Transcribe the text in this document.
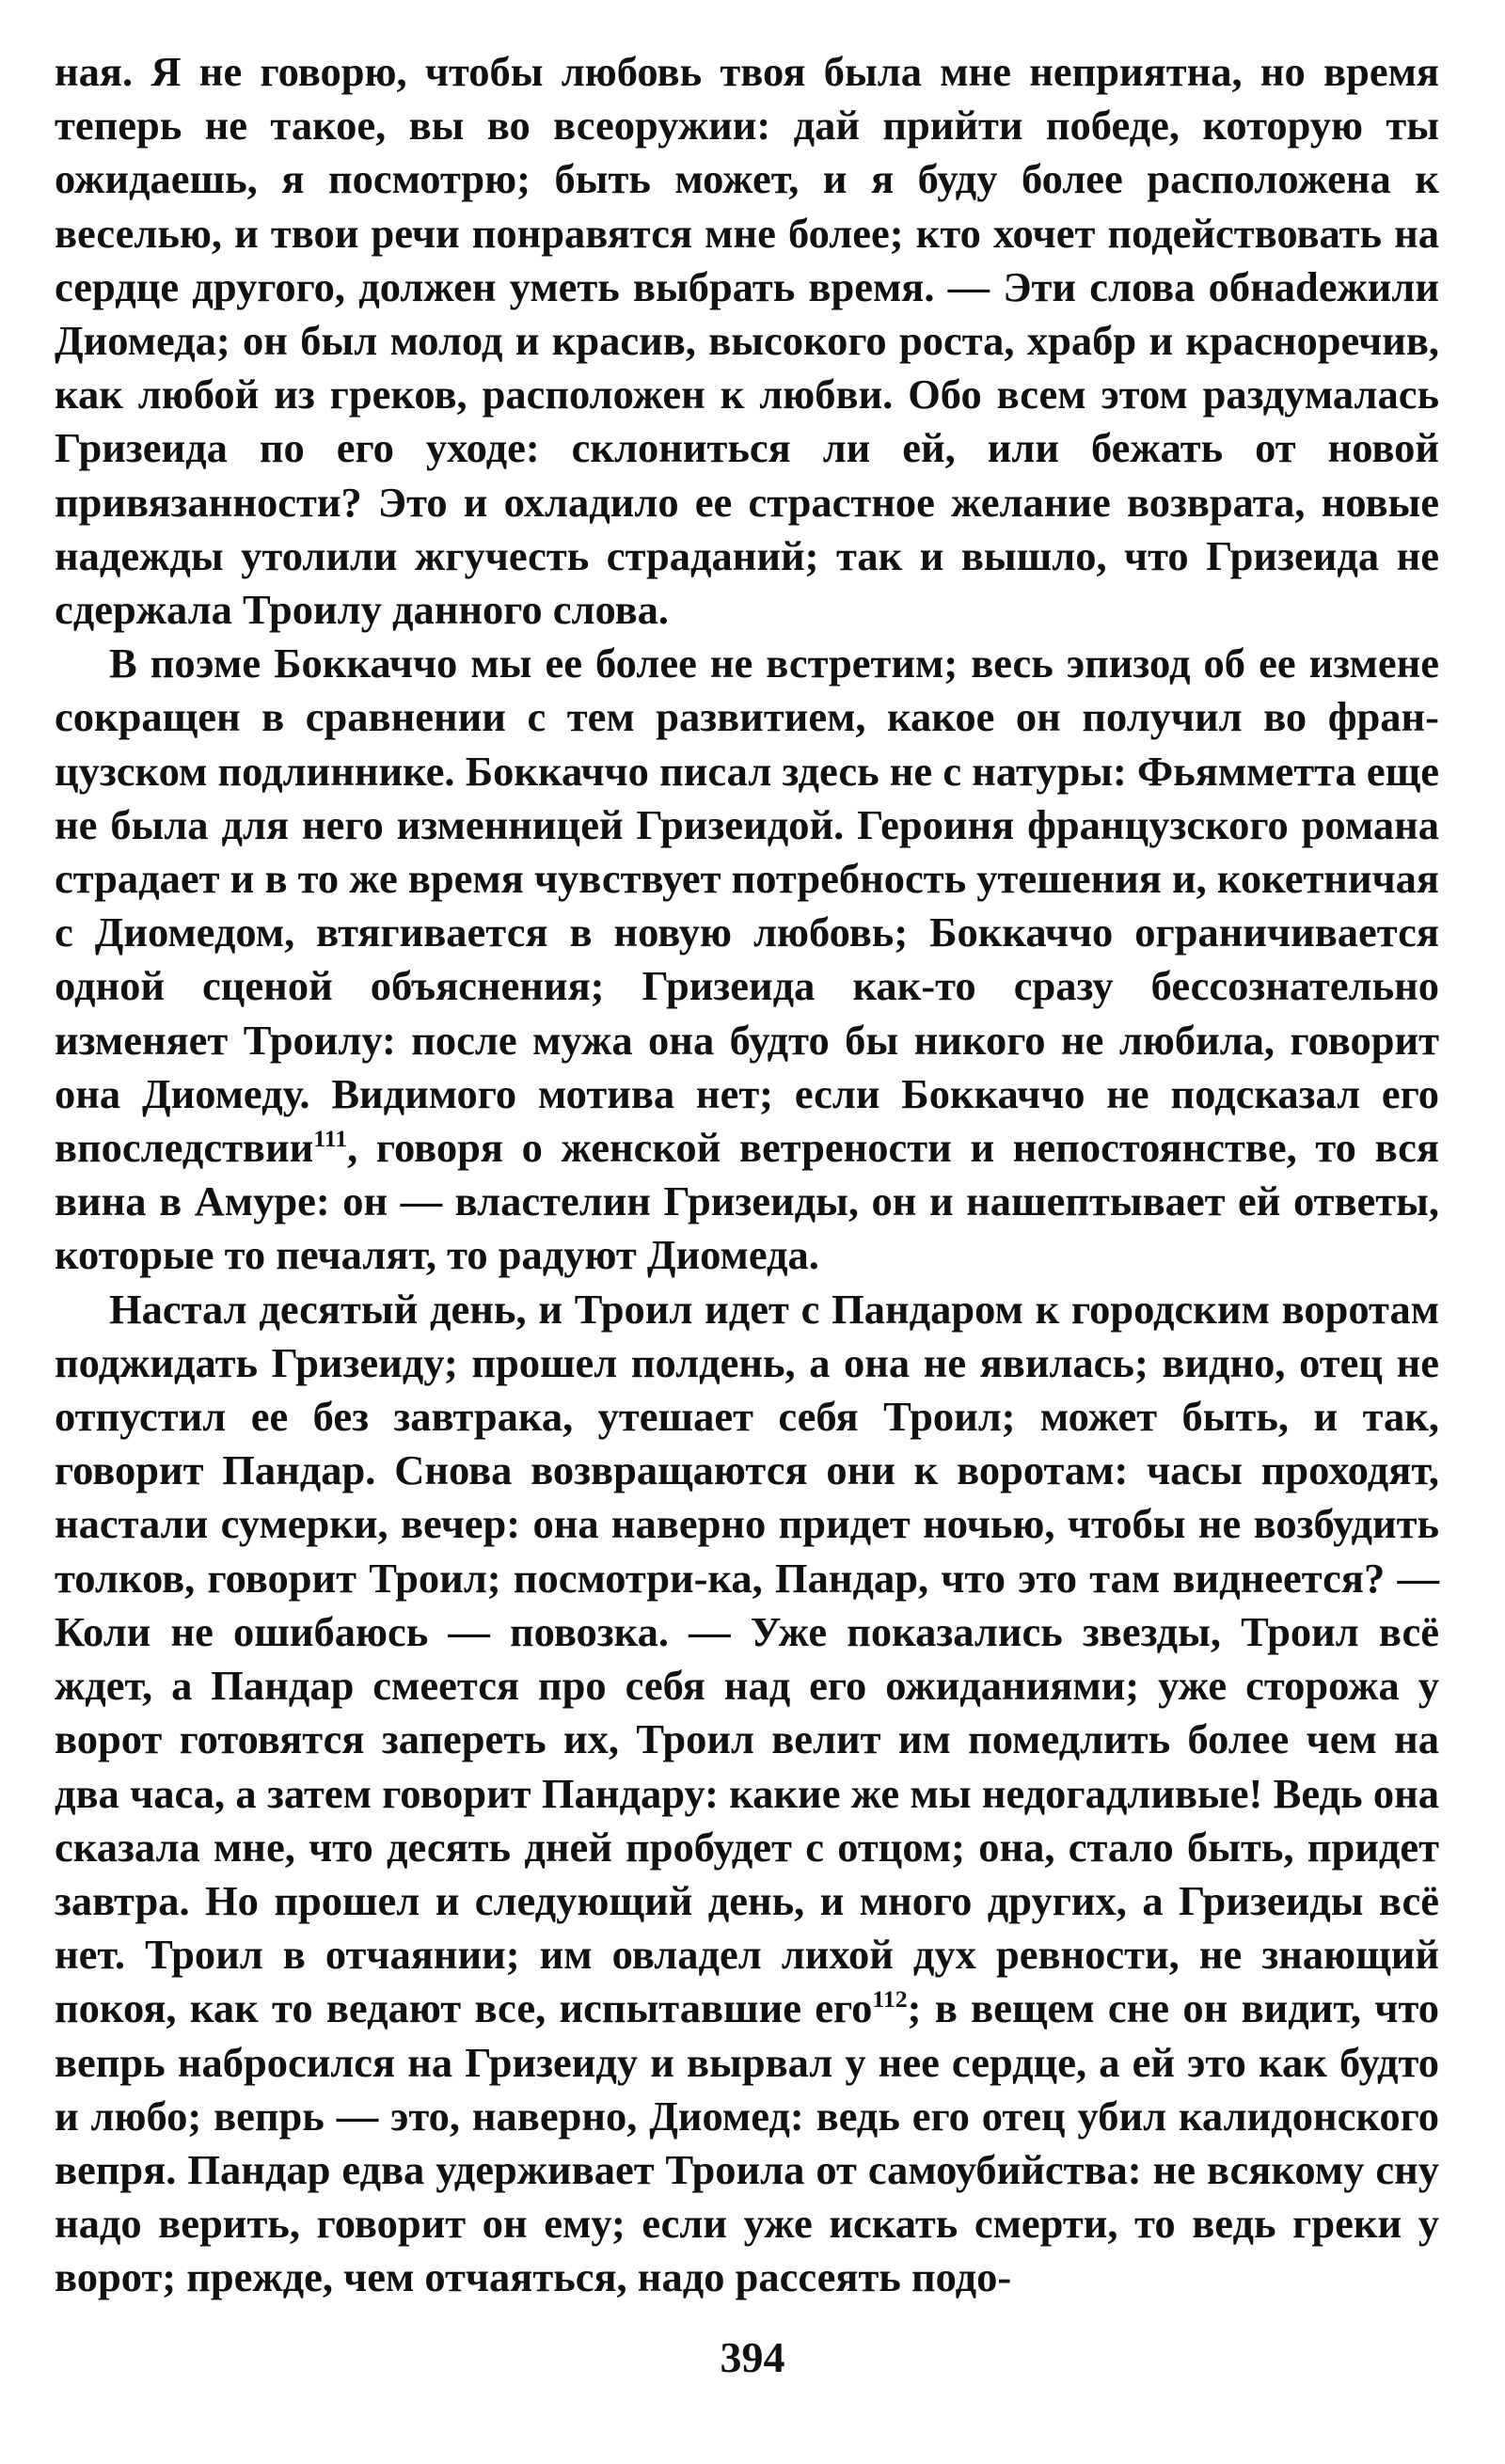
ная. Я не говорю, чтобы любовь твоя была мне неприятна, но время теперь не такое, вы во всеоружии: дай прийти победе, которую ты ожидаешь, я посмотрю; быть может, и я буду более расположена к веселью, и твои речи понравятся мне более; кто хочет подействовать на сердце другого, должен уметь выбрать время. — Эти слова обнаdежили Диомеда; он был молод и красив, высокого роста, храбр и красноречив, как любой из греков, расположен к любви. Обо всем этом раздумалась Гризеида по его уходе: склониться ли ей, или бежать от новой привязанности? Это и охладило ее страстное желание возврата, новые надежды утолили жгучесть страданий; так и вышло, что Гризеида не сдержала Троилу данного слова.

В поэме Боккаччо мы ее более не встретим; весь эпизод об ее измене сокращен в сравнении с тем развитием, какое он получил во французском подлиннике. Боккаччо писал здесь не с натуры: Фьямметта еще не была для него изменницей Гризеидой. Героиня французского романа страдает и в то же время чувствует потребность утешения и, кокетничая с Диомедом, втягивается в новую любовь; Боккаччо ограничивается одной сценой объяснения; Гризеида как-то сразу бессознательно изменяет Троилу: после мужа она будто бы никого не любила, говорит она Диомеду. Видимого мотива нет; если Боккаччо не подсказал его впоследствии$^{111}$, говоря о женской ветрености и непостоянстве, то вся вина в Амуре: он — властелин Гризеиды, он и нашептывает ей ответы, которые то печалят, то радуют Диомеда.

Настал десятый день, и Троил идет с Пандаром к городским воротам поджидать Гризеиду; прошел полдень, а она не явилась; видно, отец не отпустил ее без завтрака, утешает себя Троил; может быть, и так, говорит Пандар. Снова возвращаются они к воротам: часы проходят, настали сумерки, вечер: она наверно придет ночью, чтобы не возбудить толков, говорит Троил; посмотри-ка, Пандар, что это там виднеется? — Коли не ошибаюсь — повозка. — Уже показались звезды, Троил всё ждет, а Пандар смеется про себя над его ожиданиями; уже сторожа у ворот готовятся запереть их, Троил велит им помедлить более чем на два часа, а затем говорит Пандару: какие же мы недогадливые! Ведь она сказала мне, что десять дней пробудет с отцом; она, стало быть, придет завтра. Но прошел и следующий день, и много других, а Гризеиды всё нет. Троил в отчаянии; им овладел лихой дух ревности, не знающий покоя, как то ведают все, испытавшие его$^{112}$; в вещем сне он видит, что вепрь набросился на Гризеиду и вырвал у нее сердце, а ей это как будто и любо; вепрь — это, наверно, Диомед: ведь его отец убил калидонского вепря. Пандар едва удерживает Троила от самоубийства: не всякому сну надо верить, говорит он ему; если уже искать смерти, то ведь греки у ворот; прежде, чем отчаяться, надо рассеять подо-

394
